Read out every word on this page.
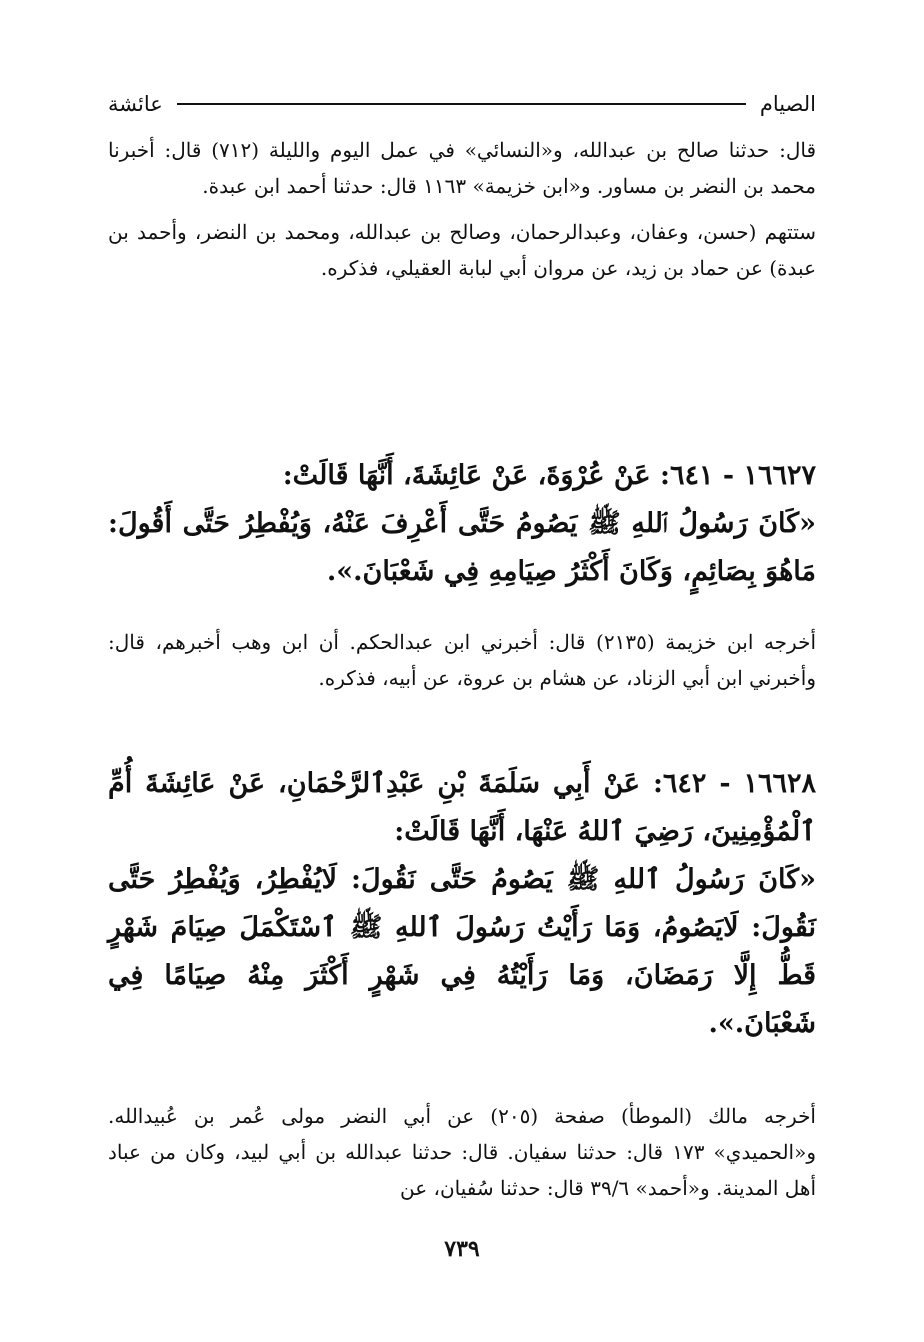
الصيام
عائشة

قال: حدثنا صالح بن عبدالله، و«النسائي» في عمل اليوم والليلة (٧١٢) قال: أخبرنا محمد بن النضر بن مساور. و«ابن خزيمة» ١١٦٣ قال: حدثنا أحمد ابن عبدة.

ستتهم (حسن، وعفان، وعبدالرحمان، وصالح بن عبدالله، ومحمد بن النضر، وأحمد بن عبدة) عن حماد بن زيد، عن مروان أبي لبابة العقيلي، فذكره.

١٦٦٢٧ - ٦٤١: عَنْ عُرْوَةَ، عَنْ عَائِشَةَ، أَنَّهَا قَالَتْ:

«كَانَ رَسُولُ ٱللهِ ﷺ يَصُومُ حَتَّى أَعْرِفَ عَنْهُ، وَيُفْطِرُ حَتَّى أَقُولَ: مَاهُوَ بِصَائِمٍ، وَكَانَ أَكْثَرُ صِيَامِهِ فِي شَعْبَانَ.».

أخرجه ابن خزيمة (٢١٣٥) قال: أخبرني ابن عبدالحكم. أن ابن وهب أخبرهم، قال: وأخبرني ابن أبي الزناد، عن هشام بن عروة، عن أبيه، فذكره.

١٦٦٢٨ - ٦٤٢: عَنْ أَبِي سَلَمَةَ بْنِ عَبْدِٱلرَّحْمَانِ، عَنْ عَائِشَةَ أُمِّ ٱلْمُؤْمِنِينَ، رَضِيَ ٱللهُ عَنْهَا، أَنَّهَا قَالَتْ:

«كَانَ رَسُولُ ٱللهِ ﷺ يَصُومُ حَتَّى نَقُولَ: لَايُفْطِرُ، وَيُفْطِرُ حَتَّى نَقُولَ: لَايَصُومُ، وَمَا رَأَيْتُ رَسُولَ ٱللهِ ﷺ ٱسْتَكْمَلَ صِيَامَ شَهْرٍ قَطُّ إِلَّا رَمَضَانَ، وَمَا رَأَيْتُهُ فِي شَهْرٍ أَكْثَرَ مِنْهُ صِيَامًا فِي شَعْبَانَ.».

أخرجه مالك (الموطأ) صفحة (٢٠٥) عن أبي النضر مولى عُمر بن عُبيدالله. و«الحميدي» ١٧٣ قال: حدثنا سفيان. قال: حدثنا عبدالله بن أبي لبيد، وكان من عباد أهل المدينة. و«أحمد» ٣٩/٦ قال: حدثنا سُفيان، عن

٧٣٩
